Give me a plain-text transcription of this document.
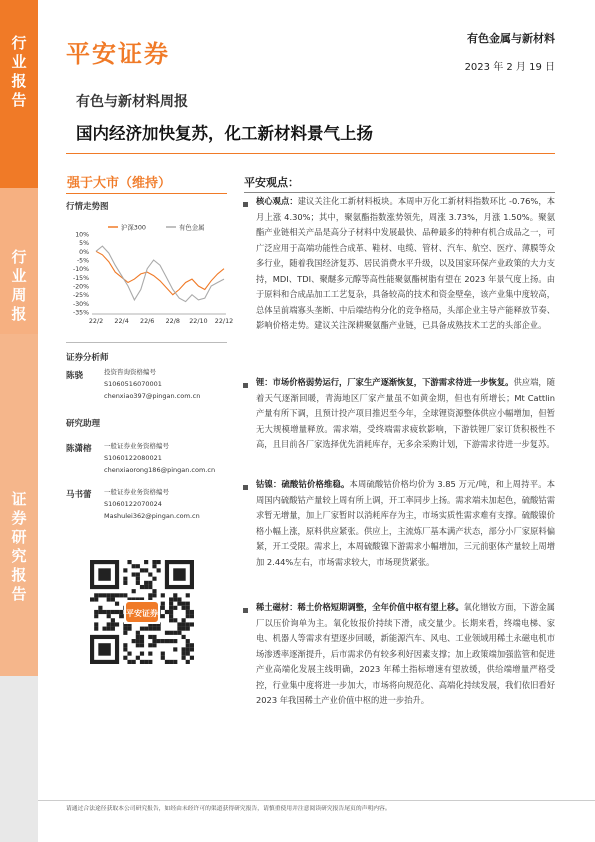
行
业
报
告
行
业
周
报
证
券
研
究
报
告
平安证券
有色金属与新材料
2023 年 2 月 19 日
有色与新材料周报
国内经济加快复苏，化工新材料景气上扬
强于大市（维持）
行情走势图
沪深300	有色金属
10%
5%
0%
-5%
-10%
-15%
-20%
-25%
-30%
-35%
22/2 22/4 22/6 22/8 22/10 22/12
证券分析师
陈骁	投资咨询资格编号
S1060516070001
chenxiao397@pingan.com.cn
研究助理
陈潇榕 一般证券业务资格编号
S1060122080021
chenxiaorong186@pingan.com.cn
马书蕾 一般证券业务资格编号
S1060122070024
Mashulei362@pingan.com.cn
平安证券
平安观点：
核心观点：建议关注化工新材料板块。本周申万化工新材料指数环比 -0.76%，本月上涨 4.30%；其中，聚氨酯指数涨势领先，周涨 3.73%，月涨 1.50%。聚氨酯产业链相关产品是高分子材料中发展最快、品种最多的特种有机合成品之一，可广泛应用于高端功能性合成革、鞋材、电缆、管材、汽车、航空、医疗、薄膜等众多行业，随着我国经济复苏、居民消费水平升级，以及国家环保产业政策的大力支持，MDI、TDI、聚醚多元醇等高性能聚氨酯树脂有望在 2023 年景气度上扬。由于原料和合成品加工工艺复杂，具备较高的技术和资金壁垒，该产业集中度较高，总体呈前端寡头垄断、中后端结构分化的竞争格局，头部企业主导产能释放节奏、影响价格走势。建议关注深耕聚氨酯产业链，已具备成熟技术工艺的头部企业。
锂：市场价格弱势运行，厂家生产逐渐恢复，下游需求待进一步恢复。供应端，随着天气逐渐回暖，青海地区厂家产量虽不如黄金期，但也有所增长；Mt Cattlin 产量有所下调，且预计投产项目推迟至今年，全球锂资源整体供应小幅增加，但暂无大规模增量释放。需求端，受终端需求疲软影响，下游铁锂厂家订货积极性不高，且目前各厂家选择优先消耗库存，无多余采购计划，下游需求待进一步复苏。
钴镍：硫酸钴价格维稳。本周硫酸钴价格均价为 3.85 万元/吨，和上周持平。本周国内硫酸钴产量较上周有所上调，开工率同步上扬。需求端未加起色，硫酸钴需求暂无增量，加上厂家暂时以消耗库存为主，市场实质性需求难有支撑。硫酸镍价格小幅上涨，原料供应紧张。供应上，主流炼厂基本满产状态，部分小厂家原料偏紧，开工受限。需求上，本周硫酸镍下游需求小幅增加，三元前驱体产量较上周增加 2.44%左右，市场需求较大，市场现货紧张。
稀土磁材：稀土价格短期调整，全年价值中枢有望上移。氧化镨钕方面，下游金属厂以压价询单为主。氧化钕报价持续下滑，成交量少。长期来看，终端电梯、家电、机器人等需求有望逐步回暖，新能源汽车、风电、工业领域用稀土永磁电机市场渗透率逐渐提升，后市需求仍有较多利好因素支撑；加上政策端加强监管和促进产业高端化发展主线明确，2023 年稀土指标增速有望放缓，供给端增量严格受控，行业集中度将进一步加大，市场将向规范化、高端化持续发展，我们依旧看好 2023 年我国稀土产业价值中枢的进一步抬升。
请通过合法途径获取本公司研究报告，如经由未经许可的渠道获得研究报告，请慎重使用并注意阅读研究报告尾页的声明内容。
